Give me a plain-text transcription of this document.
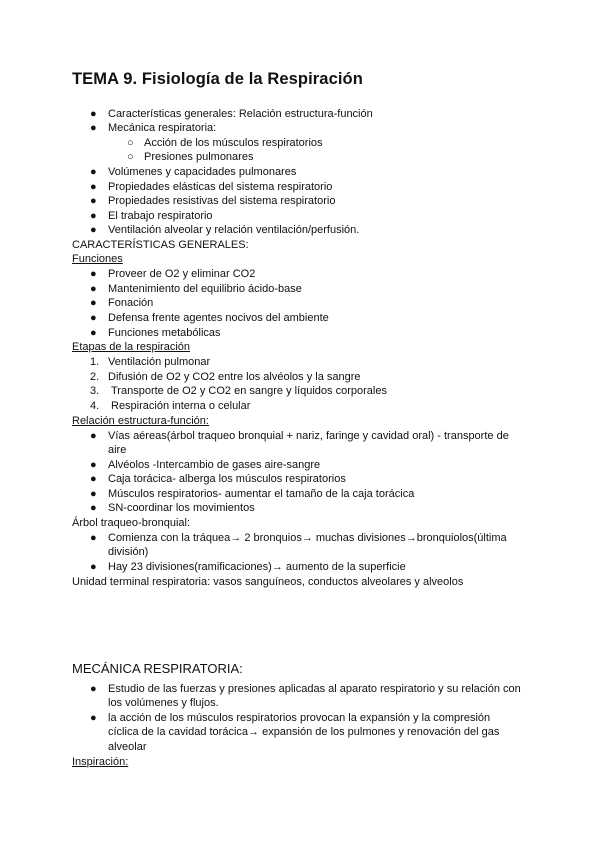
TEMA 9. Fisiología de la Respiración
● Características generales: Relación estructura-función
● Mecánica respiratoria:
○ Acción de los músculos respiratorios
○ Presiones pulmonares
● Volúmenes y capacidades pulmonares
● Propiedades elásticas del sistema respiratorio
● Propiedades resistivas del sistema respiratorio
● El trabajo respiratorio
● Ventilación alveolar y relación ventilación/perfusión.
CARACTERÍSTICAS GENERALES:
Funciones
● Proveer de O2 y eliminar CO2
● Mantenimiento del equilibrio ácido-base
● Fonación
● Defensa frente agentes nocivos del ambiente
● Funciones metabólicas
Etapas de la respiración
1. Ventilación pulmonar
2. Difusión de O2 y CO2 entre los alvéolos y la sangre
3. Transporte de O2 y CO2 en sangre y líquidos corporales
4. Respiración interna o celular
Relación estructura-función:
● Vías aéreas(árbol traqueo bronquial + nariz, faringe y cavidad oral) - transporte de
aire
● Alvéolos -Intercambio de gases aire-sangre
● Caja torácica- alberga los músculos respiratorios
● Músculos respiratorios- aumentar el tamaño de la caja torácica
● SN-coordinar los movimientos
Árbol traqueo-bronquial:
● Comienza con la tráquea→ 2 bronquios→ muchas divisiones→bronquiolos(última
división)
● Hay 23 divisiones(ramificaciones)→ aumento de la superficie
Unidad terminal respiratoria: vasos sanguíneos, conductos alveolares y alveolos
MECÁNICA RESPIRATORIA:
● Estudio de las fuerzas y presiones aplicadas al aparato respiratorio y su relación con
los volúmenes y flujos.
● la acción de los músculos respiratorios provocan la expansión y la compresión
cíclica de la cavidad torácica→ expansión de los pulmones y renovación del gas
alveolar
Inspiración:
